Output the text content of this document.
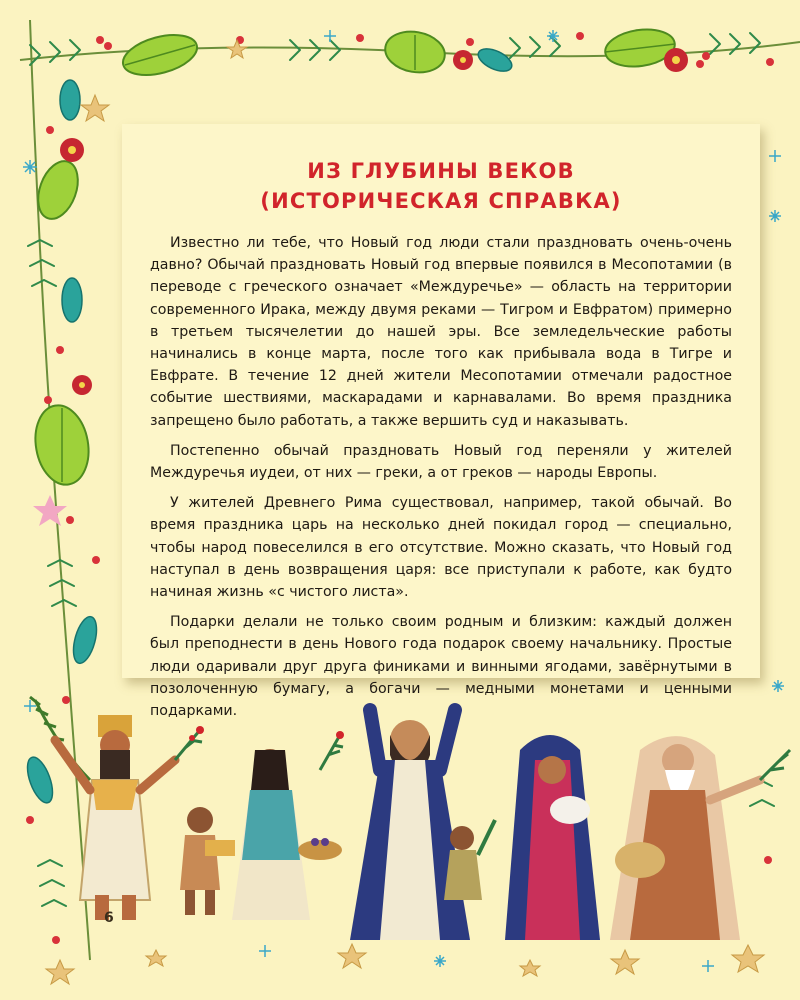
ИЗ ГЛУБИНЫ ВЕКОВ
(ИСТОРИЧЕСКАЯ СПРАВКА)

Известно ли тебе, что Новый год люди стали праздновать очень-очень давно? Обычай праздновать Новый год впервые появился в Месопотамии (в переводе с греческого означает «Междуречье» — область на территории современного Ирака, между двумя реками — Тигром и Евфратом) примерно в третьем тысячелетии до нашей эры. Все земледельческие работы начинались в конце марта, после того как прибывала вода в Тигре и Евфрате. В течение 12 дней жители Месопотамии отмечали радостное событие шествиями, маскарадами и карнавалами. Во время праздника запрещено было работать, а также вершить суд и наказывать.

Постепенно обычай праздновать Новый год переняли у жителей Междуречья иудеи, от них — греки, а от греков — народы Европы.

У жителей Древнего Рима существовал, например, такой обычай. Во время праздника царь на несколько дней покидал город — специально, чтобы народ повеселился в его отсутствие. Можно сказать, что Новый год наступал в день возвращения царя: все приступали к работе, как будто начиная жизнь «с чистого листа».

Подарки делали не только своим родным и близким: каждый должен был преподнести в день Нового года подарок своему начальнику. Простые люди одаривали друг друга финиками и винными ягодами, завёрнутыми в позолоченную бумагу, а богачи — медными монетами и ценными подарками.

6
